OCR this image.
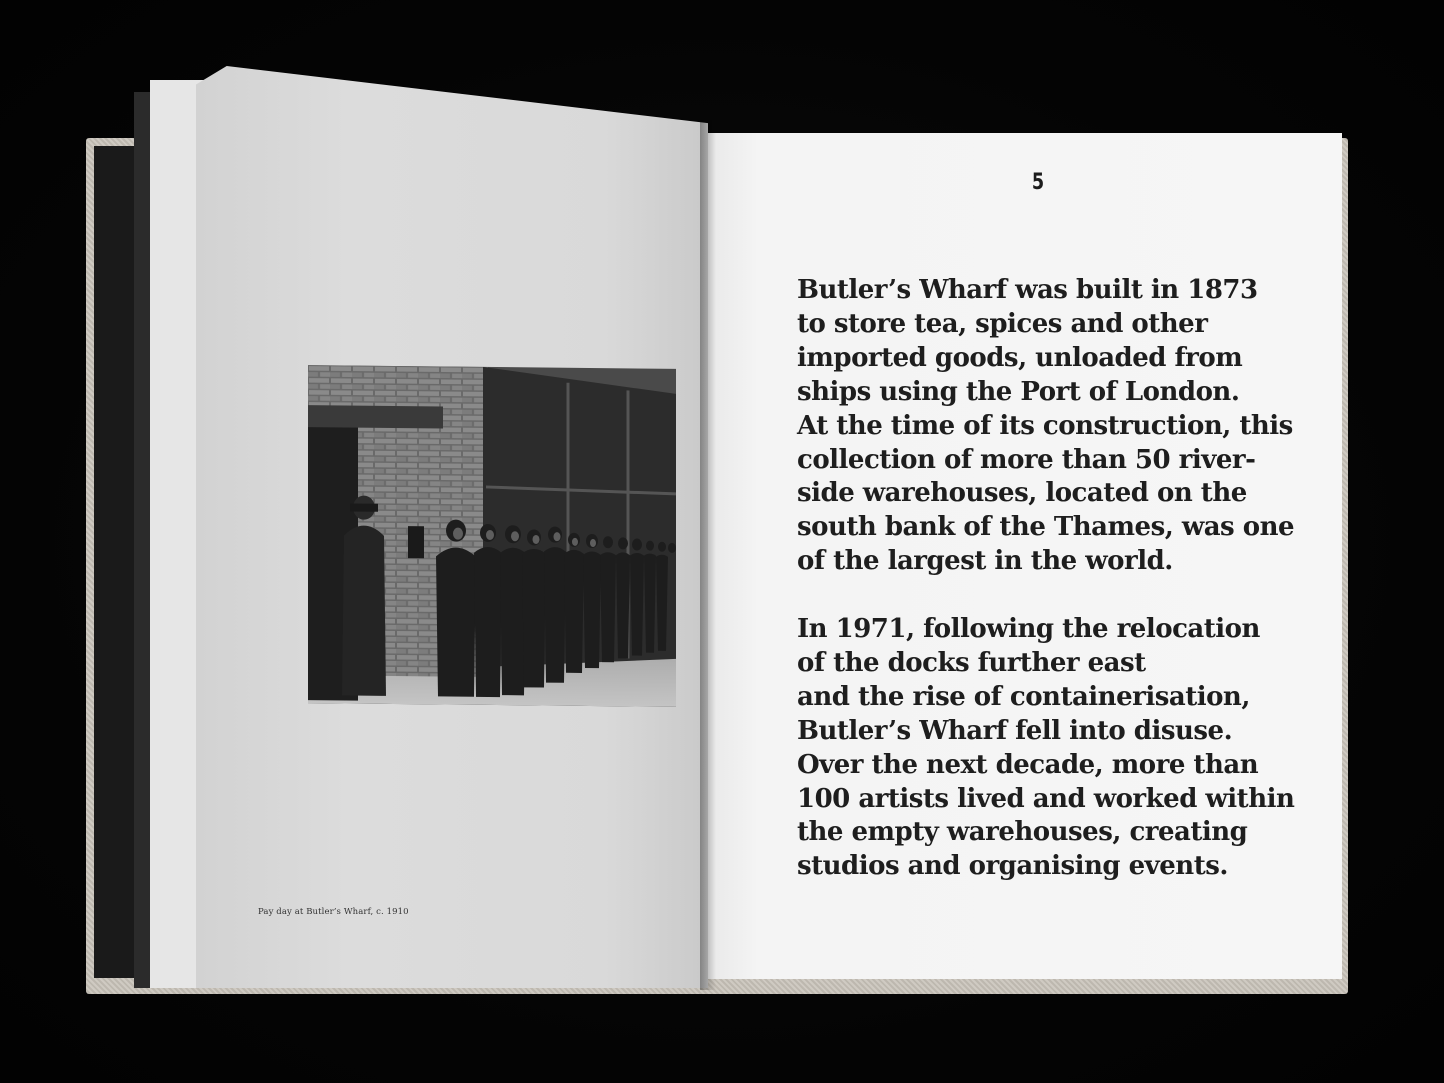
Pay day at Butler’s Wharf, c. 1910
5

Butler’s Wharf was built in 1873
to store tea, spices and other
imported goods, unloaded from
ships using the Port of London.
At the time of its construction, this
collection of more than 50 river-
side warehouses, located on the
south bank of the Thames, was one
of the largest in the world.

In 1971, following the relocation
of the docks further east
and the rise of containerisation,
Butler’s Wharf fell into disuse.
Over the next decade, more than
100 artists lived and worked within
the empty warehouses, creating
studios and organising events.
